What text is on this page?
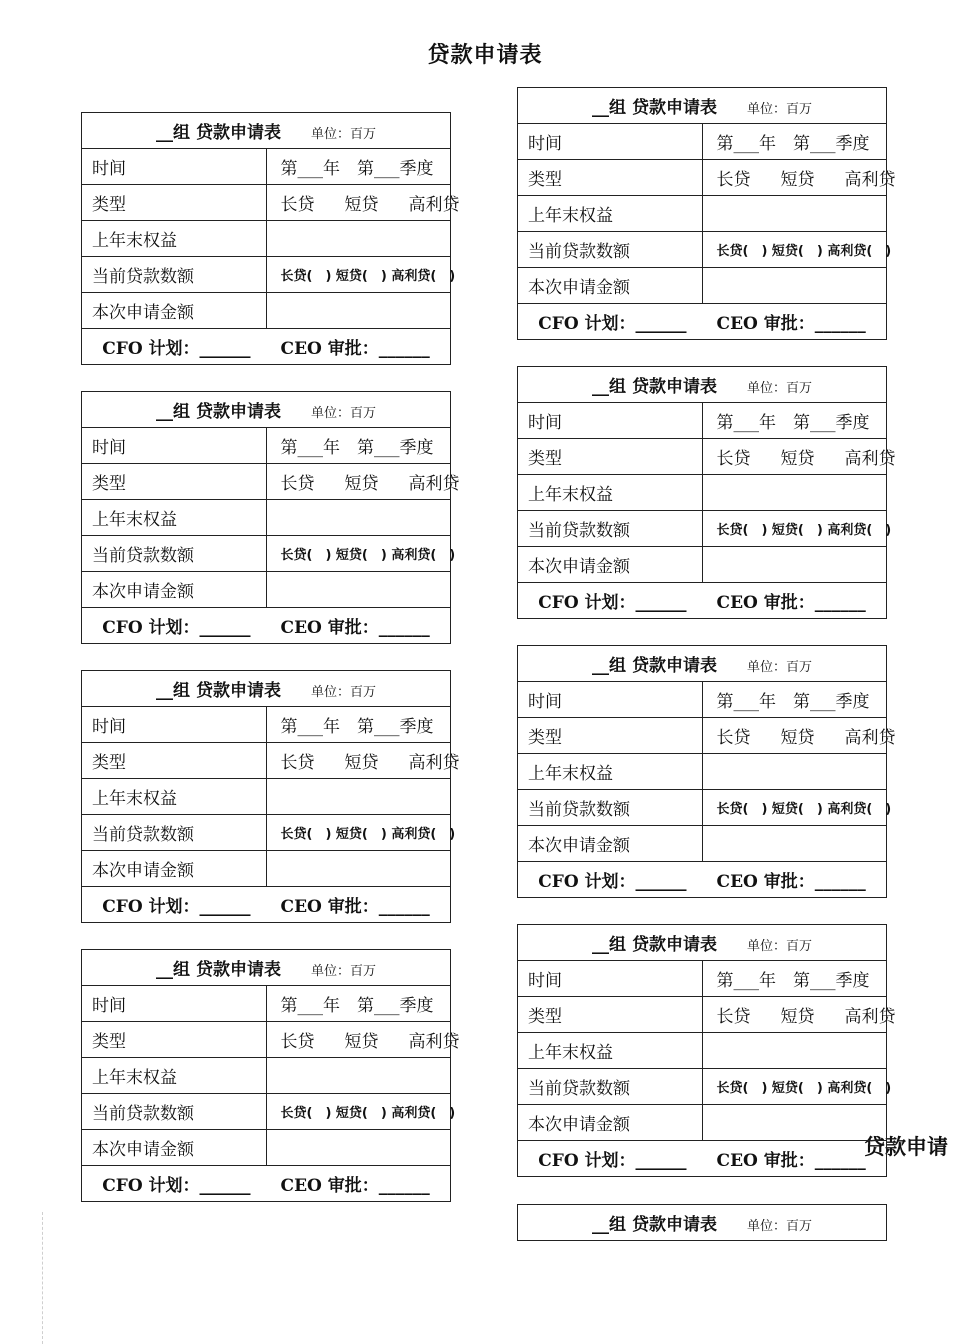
贷款申请表
贷款申请
__组 贷款申请表 单位：百万	
时间	第___年　第___季度
类型	长贷 短贷 高利贷
上年末权益	
当前贷款数额	长贷(　) 短贷(　) 高利贷(　)
本次申请金额	
CFO 计划：______ CEO 审批：______	
__组 贷款申请表 单位：百万	
时间	第___年　第___季度
类型	长贷 短贷 高利贷
上年末权益	
当前贷款数额	长贷(　) 短贷(　) 高利贷(　)
本次申请金额	
CFO 计划：______ CEO 审批：______	
__组 贷款申请表 单位：百万	
时间	第___年　第___季度
类型	长贷 短贷 高利贷
上年末权益	
当前贷款数额	长贷(　) 短贷(　) 高利贷(　)
本次申请金额	
CFO 计划：______ CEO 审批：______	
__组 贷款申请表 单位：百万	
时间	第___年　第___季度
类型	长贷 短贷 高利贷
上年末权益	
当前贷款数额	长贷(　) 短贷(　) 高利贷(　)
本次申请金额	
CFO 计划：______ CEO 审批：______	
__组 贷款申请表 单位：百万	
时间	第___年　第___季度
类型	长贷 短贷 高利贷
上年末权益	
当前贷款数额	长贷(　) 短贷(　) 高利贷(　)
本次申请金额	
CFO 计划：______ CEO 审批：______	
__组 贷款申请表 单位：百万	
时间	第___年　第___季度
类型	长贷 短贷 高利贷
上年末权益	
当前贷款数额	长贷(　) 短贷(　) 高利贷(　)
本次申请金额	
CFO 计划：______ CEO 审批：______	
__组 贷款申请表 单位：百万	
时间	第___年　第___季度
类型	长贷 短贷 高利贷
上年末权益	
当前贷款数额	长贷(　) 短贷(　) 高利贷(　)
本次申请金额	
CFO 计划：______ CEO 审批：______	
__组 贷款申请表 单位：百万	
时间	第___年　第___季度
类型	长贷 短贷 高利贷
上年末权益	
当前贷款数额	长贷(　) 短贷(　) 高利贷(　)
本次申请金额	
CFO 计划：______ CEO 审批：______	
__组 贷款申请表 单位：百万
